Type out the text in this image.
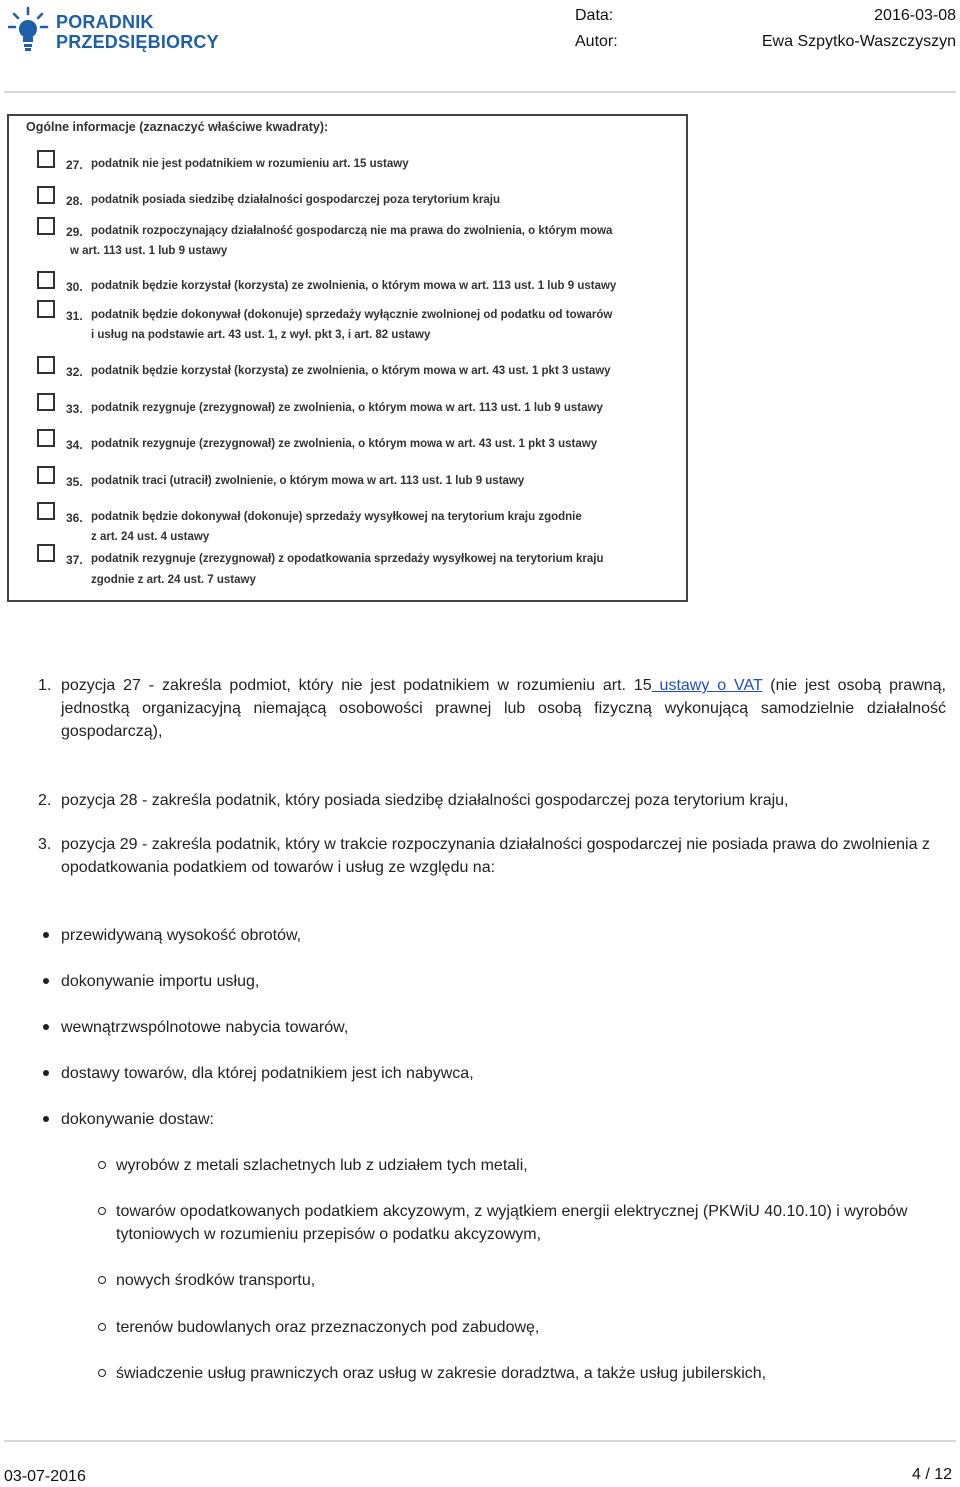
PORADNIK
PRZEDSIĘBIORCY
Data:
Autor:
2016-03-08
Ewa Szpytko-Waszczyszyn
Ogólne informacje (zaznaczyć właściwe kwadraty):
27. podatnik nie jest podatnikiem w rozumieniu art. 15 ustawy
28. podatnik posiada siedzibę działalności gospodarczej poza terytorium kraju
29. podatnik rozpoczynający działalność gospodarczą nie ma prawa do zwolnienia, o którym mowa
w art. 113 ust. 1 lub 9 ustawy
30. podatnik będzie korzystał (korzysta) ze zwolnienia, o którym mowa w art. 113 ust. 1 lub 9 ustawy
31. podatnik będzie dokonywał (dokonuje) sprzedaży wyłącznie zwolnionej od podatku od towarów
i usług na podstawie art. 43 ust. 1, z wył. pkt 3, i art. 82 ustawy
32. podatnik będzie korzystał (korzysta) ze zwolnienia, o którym mowa w art. 43 ust. 1 pkt 3 ustawy
33. podatnik rezygnuje (zrezygnował) ze zwolnienia, o którym mowa w art. 113 ust. 1 lub 9 ustawy
34. podatnik rezygnuje (zrezygnował) ze zwolnienia, o którym mowa w art. 43 ust. 1 pkt 3 ustawy
35. podatnik traci (utracił) zwolnienie, o którym mowa w art. 113 ust. 1 lub 9 ustawy
36. podatnik będzie dokonywał (dokonuje) sprzedaży wysyłkowej na terytorium kraju zgodnie
z art. 24 ust. 4 ustawy
37. podatnik rezygnuje (zrezygnował) z opodatkowania sprzedaży wysyłkowej na terytorium kraju
zgodnie z art. 24 ust. 7 ustawy
1. pozycja 27 - zakreśla podmiot, który nie jest podatnikiem w rozumieniu art. 15 ustawy o VAT (nie jest osobą prawną, jednostką organizacyjną niemającą osobowości prawnej lub osobą fizyczną wykonującą samodzielnie działalność gospodarczą),
2. pozycja 28 - zakreśla podatnik, który posiada siedzibę działalności gospodarczej poza terytorium kraju,
3. pozycja 29 - zakreśla podatnik, który w trakcie rozpoczynania działalności gospodarczej nie posiada prawa do zwolnienia z opodatkowania podatkiem od towarów i usług ze względu na:
przewidywaną wysokość obrotów,
dokonywanie importu usług,
wewnątrzwspólnotowe nabycia towarów,
dostawy towarów, dla której podatnikiem jest ich nabywca,
dokonywanie dostaw:
wyrobów z metali szlachetnych lub z udziałem tych metali,
towarów opodatkowanych podatkiem akcyzowym, z wyjątkiem energii elektrycznej (PKWiU 40.10.10) i wyrobów tytoniowych w rozumieniu przepisów o podatku akcyzowym,
nowych środków transportu,
terenów budowlanych oraz przeznaczonych pod zabudowę,
świadczenie usług prawniczych oraz usług w zakresie doradztwa, a także usług jubilerskich,
03-07-2016	4 / 12
